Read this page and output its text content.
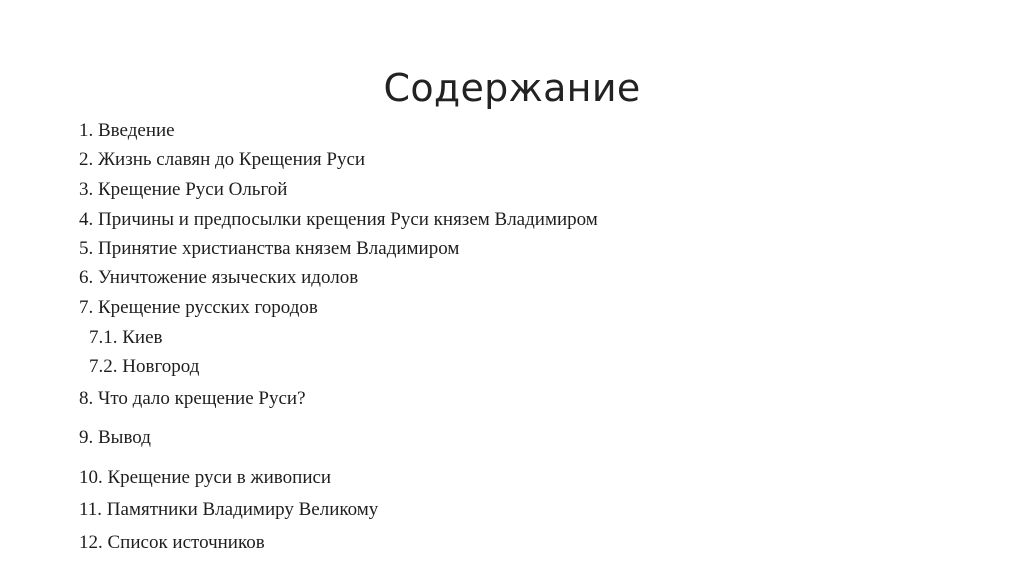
Содержание
1. Введение
2. Жизнь славян до Крещения Руси
3. Крещение Руси Ольгой
4. Причины и предпосылки крещения Руси князем Владимиром
5. Принятие христианства князем Владимиром
6. Уничтожение языческих идолов
7. Крещение русских городов
7.1. Киев
7.2. Новгород
8. Что дало крещение Руси?
9. Вывод
10. Крещение руси в живописи
11. Памятники Владимиру Великому
12. Список источников
